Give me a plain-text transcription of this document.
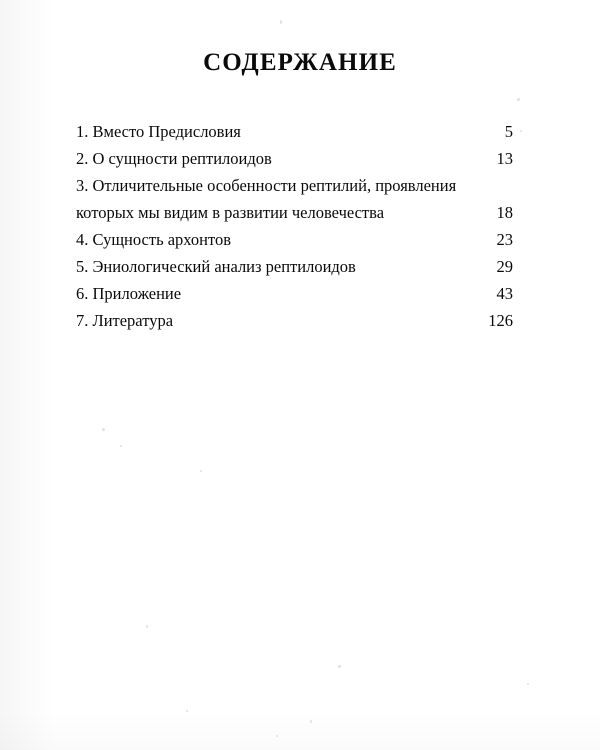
СОДЕРЖАНИЕ
1. Вместо Предисловия .....	5
2. О сущности рептилоидов .....	13
3. Отличительные особенности рептилий, проявления
которых мы видим в развитии человечества .....	18
4. Сущность архонтов .....	23
5. Эниологический анализ рептилоидов .....	29
6. Приложение .....	43
7. Литература .....	126
